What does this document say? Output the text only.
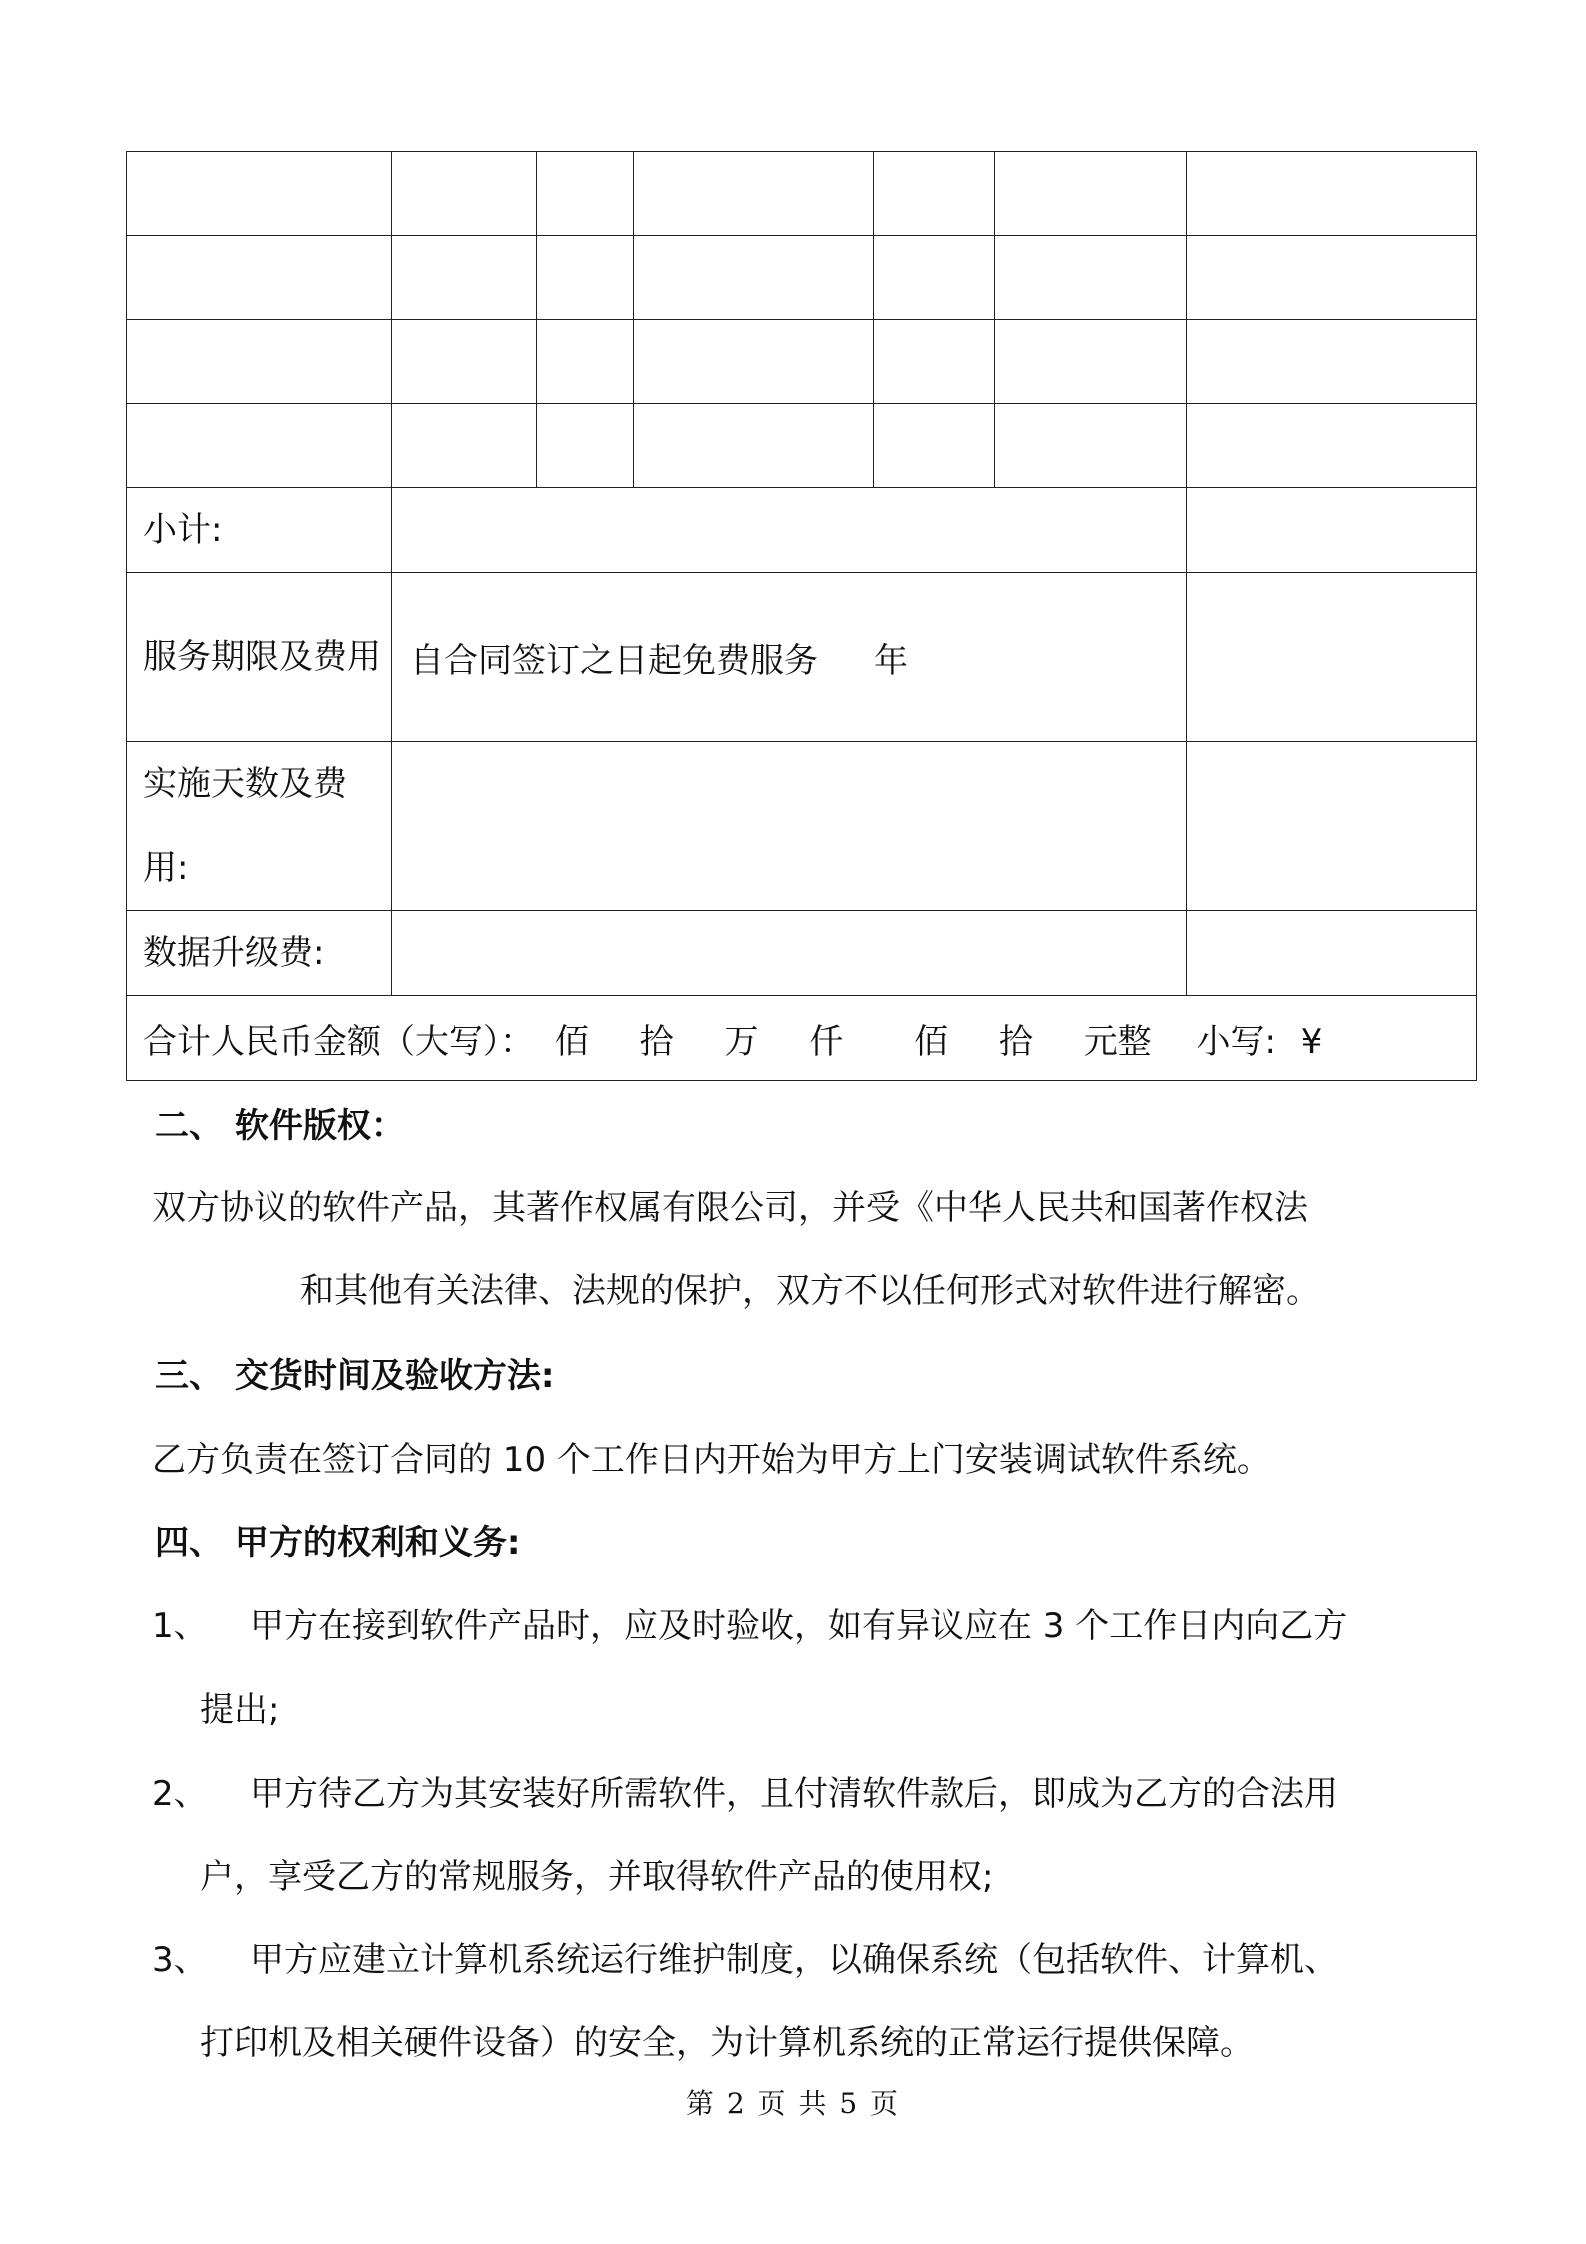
小计:						
服务期限及费用	自合同签订之日起免费服务 年					
实施天数及费用:						
数据升级费:						
合计人民币金额（大写）： 佰 拾 万 仟 佰 拾 元整 小写: ¥						
二、 软件版权：
双方协议的软件产品，其著作权属有限公司，并受《中华人民共和国著作权法
和其他有关法律、法规的保护，双方不以任何形式对软件进行解密。
三、 交货时间及验收方法:
乙方负责在签订合同的 10 个工作日内开始为甲方上门安装调试软件系统。
四、 甲方的权利和义务:
1、 甲方在接到软件产品时，应及时验收，如有异议应在 3 个工作日内向乙方
提出;
2、 甲方待乙方为其安装好所需软件，且付清软件款后，即成为乙方的合法用
户，享受乙方的常规服务，并取得软件产品的使用权;
3、 甲方应建立计算机系统运行维护制度，以确保系统（包括软件、计算机、
打印机及相关硬件设备）的安全，为计算机系统的正常运行提供保障。
第 2 页 共 5 页
